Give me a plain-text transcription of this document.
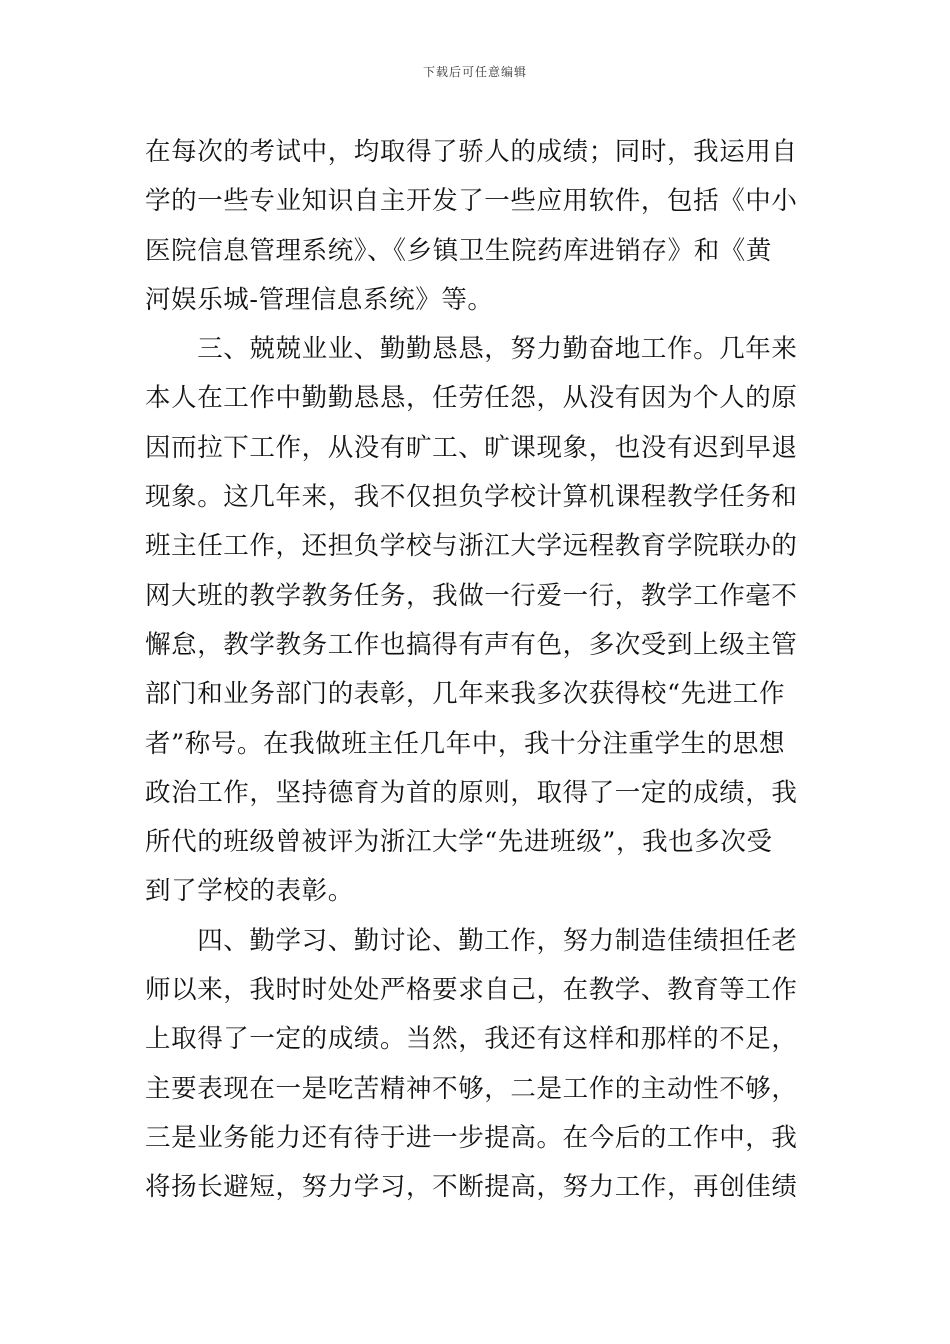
下载后可任意编辑
在每次的考试中，均取得了骄人的成绩；同时，我运用自
学的一些专业知识自主开发了一些应用软件，包括《中小
医院信息管理系统》、《乡镇卫生院药库进销存》和《黄
河娱乐城-管理信息系统》等。
　　三、兢兢业业、勤勤恳恳，努力勤奋地工作。几年来
本人在工作中勤勤恳恳，任劳任怨，从没有因为个人的原
因而拉下工作，从没有旷工、旷课现象，也没有迟到早退
现象。这几年来，我不仅担负学校计算机课程教学任务和
班主任工作，还担负学校与浙江大学远程教育学院联办的
网大班的教学教务任务，我做一行爱一行，教学工作毫不
懈怠，教学教务工作也搞得有声有色，多次受到上级主管
部门和业务部门的表彰，几年来我多次获得校“先进工作
者”称号。在我做班主任几年中，我十分注重学生的思想
政治工作，坚持德育为首的原则，取得了一定的成绩，我
所代的班级曾被评为浙江大学“先进班级”，我也多次受
到了学校的表彰。
　　四、勤学习、勤讨论、勤工作，努力制造佳绩担任老
师以来，我时时处处严格要求自己，在教学、教育等工作
上取得了一定的成绩。当然，我还有这样和那样的不足，
主要表现在一是吃苦精神不够，二是工作的主动性不够，
三是业务能力还有待于进一步提高。在今后的工作中，我
将扬长避短，努力学习，不断提高，努力工作，再创佳绩
